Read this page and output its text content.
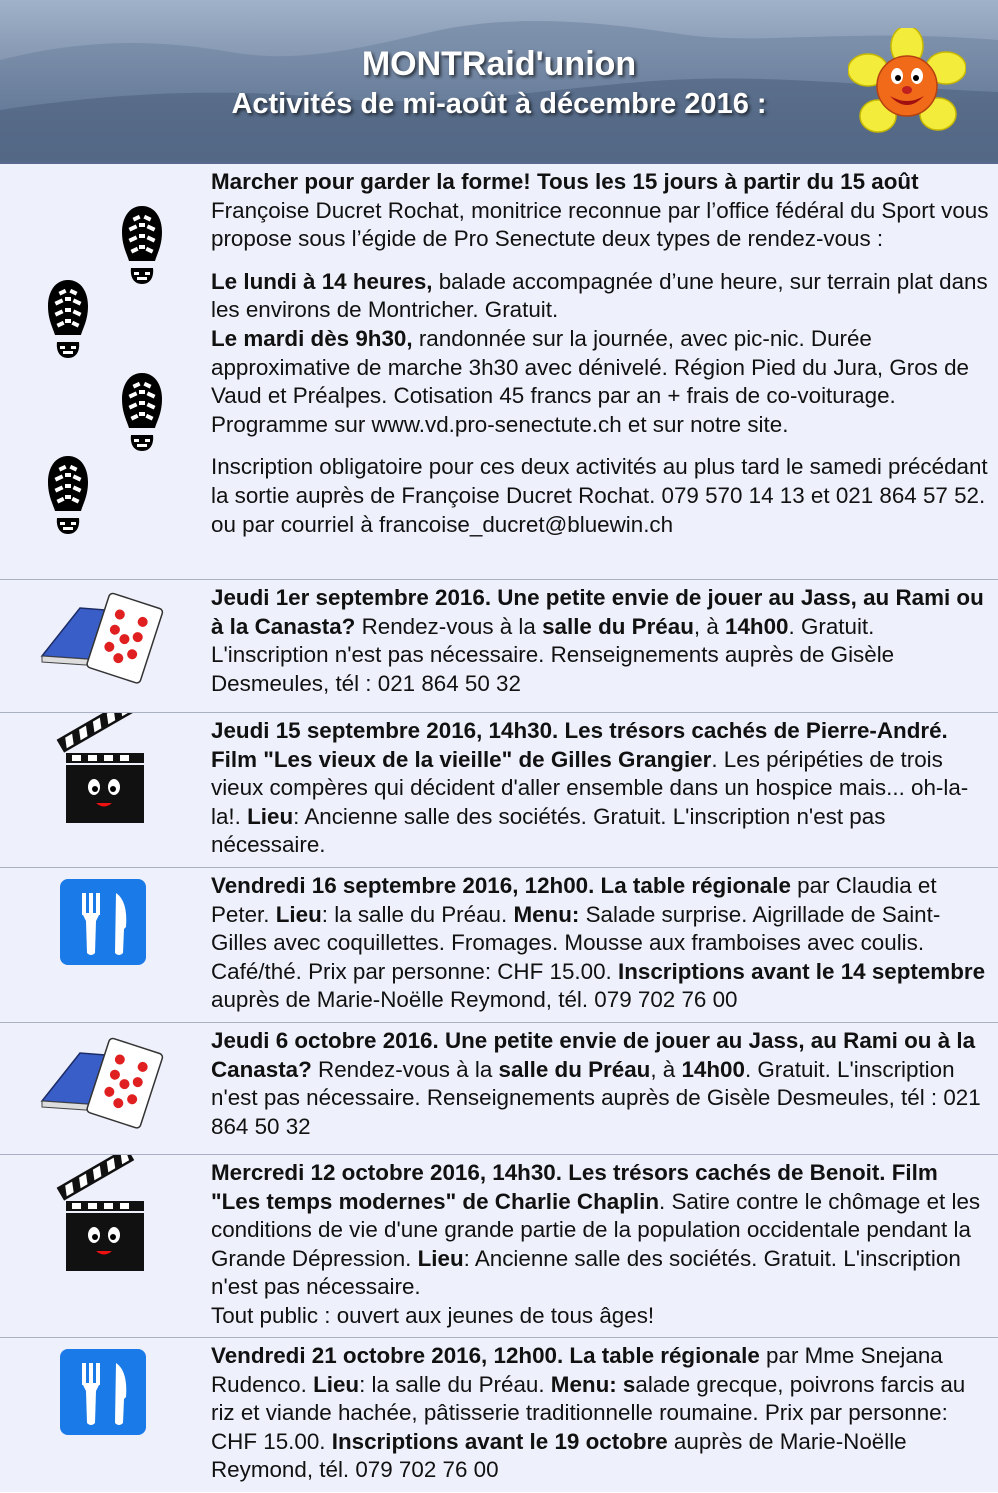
MONTRaid'union
Activités de mi-août à décembre 2016 :

Marcher pour garder la forme! Tous les 15 jours à partir du 15 août Françoise Ducret Rochat, monitrice reconnue par l’office fédéral du Sport vous propose sous l’égide de Pro Senectute deux types de rendez-vous :

Le lundi à 14 heures, balade accompagnée d’une heure, sur terrain plat dans les environs de Montricher. Gratuit.

Le mardi dès 9h30, randonnée sur la journée, avec pic-nic. Durée approximative de marche 3h30 avec dénivelé. Région Pied du Jura, Gros de Vaud et Préalpes. Cotisation 45 francs par an + frais de co-voiturage. Programme sur www.vd.pro-senectute.ch et sur notre site.

Inscription obligatoire pour ces deux activités au plus tard le samedi précédant la sortie auprès de Françoise Ducret Rochat. 079 570 14 13 et 021 864 57 52. ou par courriel à francoise_ducret@bluewin.ch

Jeudi 1er septembre 2016. Une petite envie de jouer au Jass, au Rami ou à la Canasta? Rendez-vous à la salle du Préau, à 14h00. Gratuit. L'inscription n'est pas nécessaire. Renseignements auprès de Gisèle Desmeules, tél : 021 864 50 32

Jeudi 15 septembre 2016, 14h30. Les trésors cachés de Pierre-André. Film "Les vieux de la vieille" de Gilles Grangier. Les péripéties de trois vieux compères qui décident d'aller ensemble dans un hospice mais... oh-la-la!. Lieu: Ancienne salle des sociétés. Gratuit. L'inscription n'est pas nécessaire.

Vendredi 16 septembre 2016, 12h00. La table régionale par Claudia et Peter. Lieu: la salle du Préau. Menu: Salade surprise. Aigrillade de Saint-Gilles avec coquillettes. Fromages. Mousse aux framboises avec coulis. Café/thé. Prix par personne: CHF 15.00. Inscriptions avant le 14 septembre auprès de Marie-Noëlle Reymond, tél. 079 702 76 00

Jeudi 6 octobre 2016. Une petite envie de jouer au Jass, au Rami ou à la Canasta? Rendez-vous à la salle du Préau, à 14h00. Gratuit. L'inscription n'est pas nécessaire. Renseignements auprès de Gisèle Desmeules, tél : 021 864 50 32

Mercredi 12 octobre 2016, 14h30. Les trésors cachés de Benoit. Film "Les temps modernes" de Charlie Chaplin. Satire contre le chômage et les conditions de vie d'une grande partie de la population occidentale pendant la Grande Dépression. Lieu: Ancienne salle des sociétés. Gratuit. L'inscription n'est pas nécessaire.

Tout public : ouvert aux jeunes de tous âges!

Vendredi 21 octobre 2016, 12h00. La table régionale par Mme Snejana Rudenco. Lieu: la salle du Préau. Menu: salade grecque, poivrons farcis au riz et viande hachée, pâtisserie traditionnelle roumaine. Prix par personne: CHF 15.00. Inscriptions avant le 19 octobre auprès de Marie-Noëlle Reymond, tél. 079 702 76 00
